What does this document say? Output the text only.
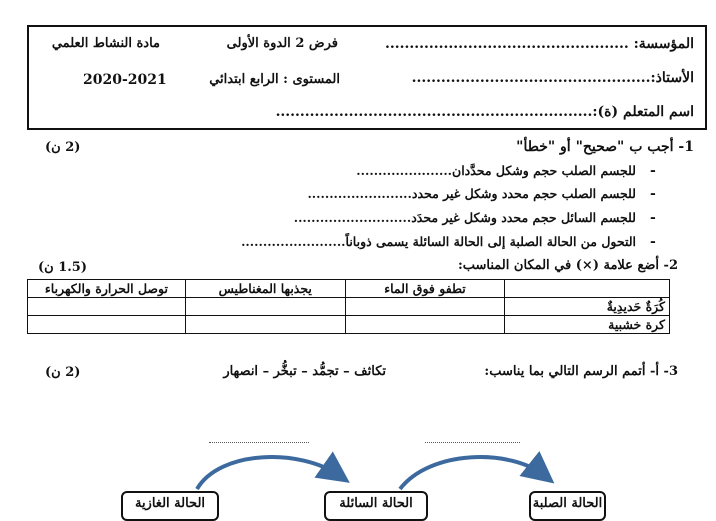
المؤسسة: ..................................................
الأستاذ:.................................................
اسم المتعلم (ة):.................................................................
فرض 2 الدوة الأولى
مادة النشاط العلمي
المستوى : الرابع ابتدائي
2020-2021
1- أجب ب "صحيح" أو "خطأ"
(2 ن)
-
للجسم الصلب حجم وشكل محدَّدان......................
-
للجسم الصلب حجم محدد وشكل غير محدد........................
-
للجسم السائل حجم محدد وشكل غير محدَد...........................
-
التحول من الحالة الصلبة إلى الحالة السائلة يسمى ذوباناً........................
2- أضع علامة (×) في المكان المناسب:
(1.5 ن)
توصل الحرارة والكهرباء	يجذبها المغناطيس	تطفو فوق الماء	
			كُرَةٌ حَديدِيةٌ
			كرة خشبية
3- أ- أتمم الرسم التالي بما يناسب:
تكاثف – تجمُّد – تبخُّر – انصهار
(2 ن)
الحالة الصلبة
الحالة السائلة
الحالة الغازية
